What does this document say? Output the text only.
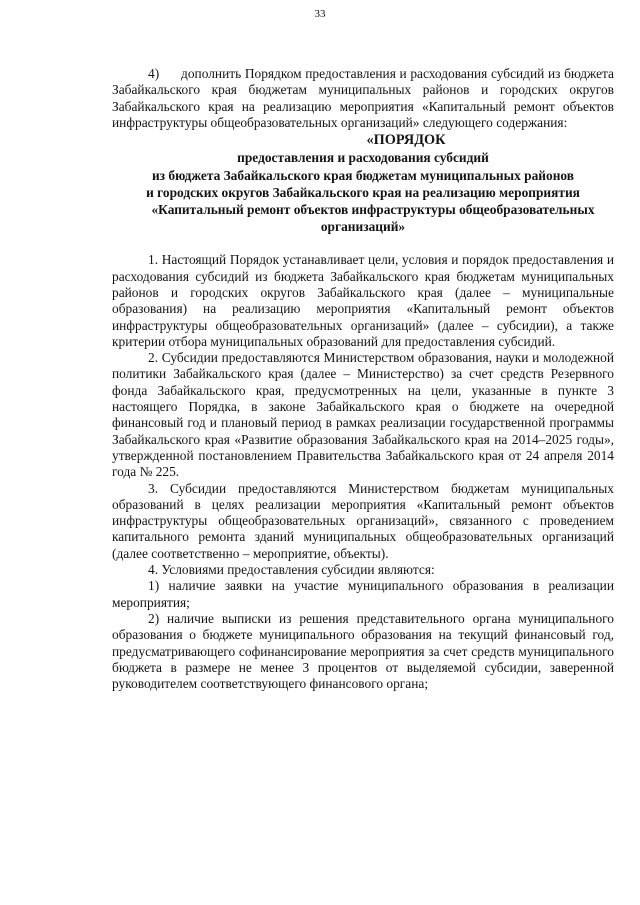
33

4)      дополнить Порядком предоставления и расходования субсидий из бюджета Забайкальского края бюджетам муниципальных районов и городских округов Забайкальского края на реализацию мероприятия «Капитальный ремонт объектов инфраструктуры общеобразовательных организаций» следующего содержания:

«ПОРЯДОК
предоставления и расходования субсидий
из бюджета Забайкальского края бюджетам муниципальных районов
и городских округов Забайкальского края на реализацию мероприятия
«Капитальный ремонт объектов инфраструктуры общеобразовательных
организаций»

1. Настоящий Порядок устанавливает цели, условия и порядок предоставления и расходования субсидий из бюджета Забайкальского края бюджетам муниципальных районов и городских округов Забайкальского края (далее – муниципальные образования) на реализацию мероприятия «Капитальный ремонт объектов инфраструктуры общеобразовательных организаций» (далее – субсидии), а также критерии отбора муниципальных образований для предоставления субсидий.

2. Субсидии предоставляются Министерством образования, науки и молодежной политики Забайкальского края (далее – Министерство) за счет средств Резервного фонда Забайкальского края, предусмотренных на цели, указанные в пункте 3 настоящего Порядка, в законе Забайкальского края о бюджете на очередной финансовый год и плановый период в рамках реализации государственной программы Забайкальского края «Развитие образования Забайкальского края на 2014–2025 годы», утвержденной постановлением Правительства Забайкальского края от 24 апреля 2014 года № 225.

3. Субсидии предоставляются Министерством бюджетам муниципальных образований в целях реализации мероприятия «Капитальный ремонт объектов инфраструктуры общеобразовательных организаций», связанного с проведением капитального ремонта зданий муниципальных общеобразовательных организаций (далее соответственно – мероприятие, объекты).

4. Условиями предоставления субсидии являются:

1) наличие заявки на участие муниципального образования в реализации мероприятия;

2) наличие выписки из решения представительного органа муниципального образования о бюджете муниципального образования на текущий финансовый год, предусматривающего софинансирование мероприятия за счет средств муниципального бюджета в размере не менее 3 процентов от выделяемой субсидии, заверенной руководителем соответствующего финансового органа;
